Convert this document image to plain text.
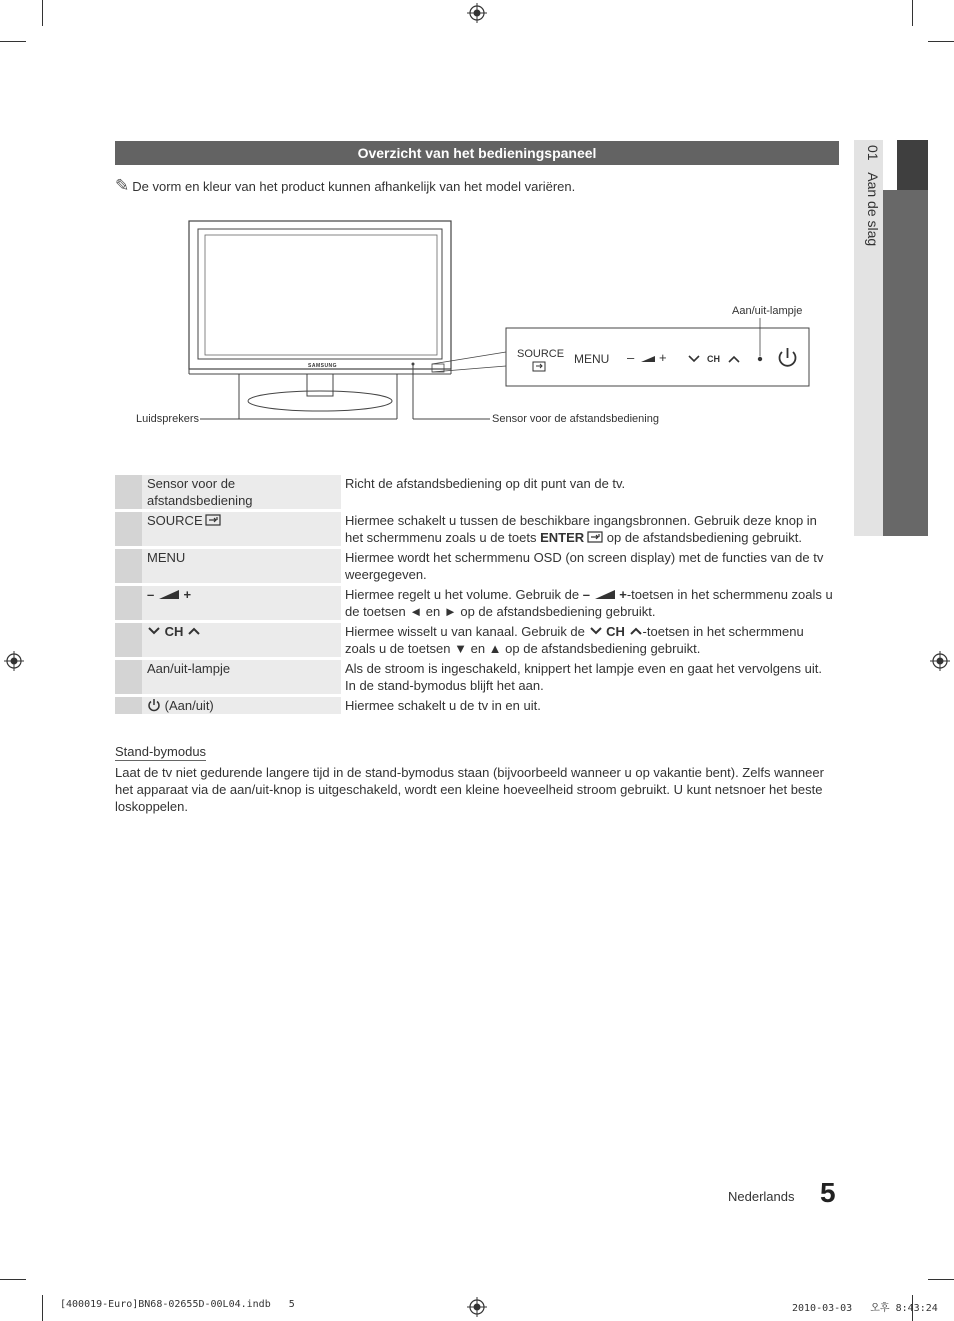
01   Aan de slag
Overzicht van het bedieningspaneel
✎ De vorm en kleur van het product kunnen afhankelijk van het model variëren.
SAMSUNG
SOURCE MENU – +	CH
Aan/uit-lampje
Luidsprekers	Sensor voor de afstandsbediening
	Sensor voor de afstandsbediening	Richt de afstandsbediening op dit punt van de tv.
	SOURCE	Hiermee schakelt u tussen de beschikbare ingangsbronnen. Gebruik deze knop in het schermmenu zoals u de toets ENTER op de afstandsbediening gebruikt.
	MENU	Hiermee wordt het schermmenu OSD (on screen display) met de functies van de tv weergegeven.
	– +	Hiermee regelt u het volume. Gebruik de – +-toetsen in het schermmenu zoals u de toetsen ◄ en ► op de afstandsbediening gebruikt.
	CH	Hiermee wisselt u van kanaal. Gebruik de  CH -toetsen in het schermmenu zoals u de toetsen ▼ en ▲ op de afstandsbediening gebruikt.
	Aan/uit-lampje	Als de stroom is ingeschakeld, knippert het lampje even en gaat het vervolgens uit. In de stand-bymodus blijft het aan.
	(Aan/uit)	Hiermee schakelt u de tv in en uit.
Stand-bymodus
Laat de tv niet gedurende langere tijd in de stand-bymodus staan (bijvoorbeeld wanneer u op vakantie bent). Zelfs wanneer het apparaat via de aan/uit-knop is uitgeschakeld, wordt een kleine hoeveelheid stroom gebruikt. U kunt netsnoer het beste loskoppelen.
Nederlands 5
[400019-Euro]BN68-02655D-00L04.indb   5	2010-03-03   오후 8:43:24
